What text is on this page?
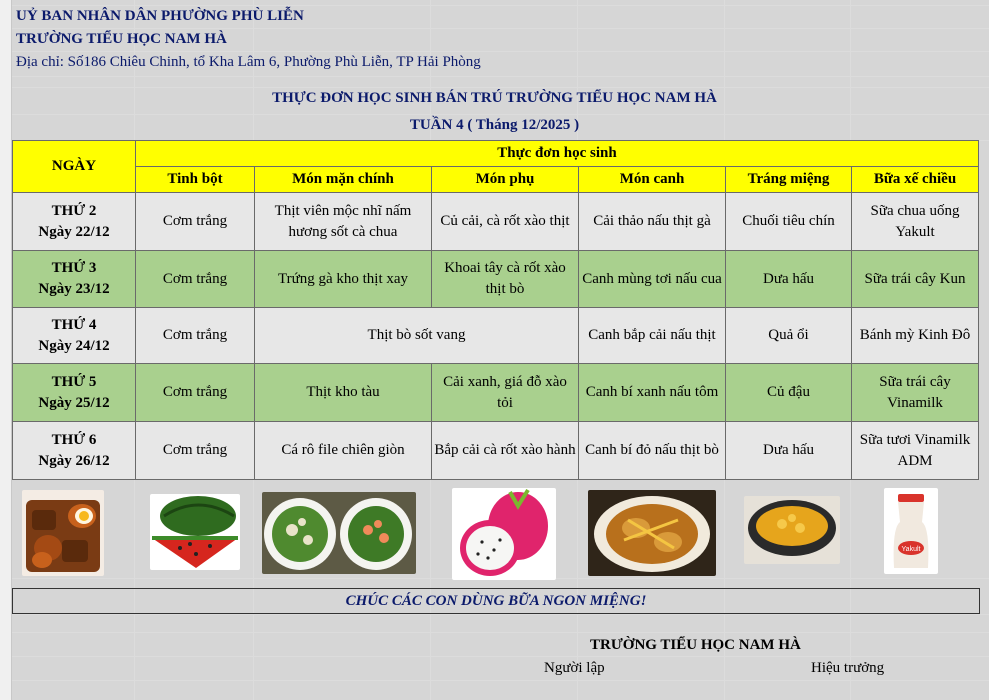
UỶ BAN NHÂN DÂN PHƯỜNG PHÙ LIỄN
TRƯỜNG TIỂU HỌC NAM HÀ
Địa chỉ: Số186 Chiêu Chinh, tổ Kha Lâm 6, Phường Phù Liễn, TP Hải Phòng
THỰC ĐƠN HỌC SINH BÁN TRÚ TRƯỜNG TIỂU HỌC NAM HÀ
TUẦN 4 ( Tháng 12/2025 )
NGÀY	Thực đơn học sinh					
	Tinh bột	Món mặn chính	Món phụ	Món canh	Tráng miệng	Bữa xế chiều
THỨ 2
Ngày 22/12	Cơm trắng	Thịt viên mộc nhĩ nấm hương sốt cà chua	Củ cải, cà rốt xào thịt	Cải thảo nấu thịt gà	Chuối tiêu chín	Sữa chua uống Yakult
THỨ 3
Ngày 23/12	Cơm trắng	Trứng gà kho thịt xay	Khoai tây cà rốt xào thịt bò	Canh mùng tơi nấu cua	Dưa hấu	Sữa trái cây Kun
THỨ 4
Ngày 24/12	Cơm trắng	Thịt bò sốt vang		Canh bắp cải nấu thịt	Quả ổi	Bánh mỳ Kinh Đô
THỨ 5
Ngày 25/12	Cơm trắng	Thịt kho tàu	Cải xanh, giá đỗ xào tỏi	Canh bí xanh nấu tôm	Củ đậu	Sữa trái cây Vinamilk
THỨ 6
Ngày 26/12	Cơm trắng	Cá rô file chiên giòn	Bắp cải cà rốt xào hành	Canh bí đỏ nấu thịt bò	Dưa hấu	Sữa tươi Vinamilk ADM
Yakult
CHÚC CÁC CON DÙNG BỮA NGON MIỆNG!
TRƯỜNG TIỂU HỌC NAM HÀ
Người lập	Hiệu trưởng
